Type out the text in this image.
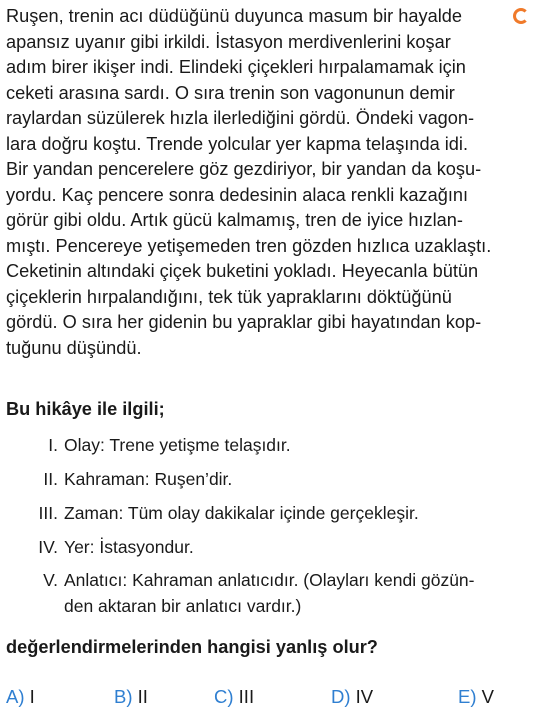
Ruşen, trenin acı düdüğünü duyunca masum bir hayalde
apansız uyanır gibi irkildi. İstasyon merdivenlerini koşar
adım birer ikişer indi. Elindeki çiçekleri hırpalamamak için
ceketi arasına sardı. O sıra trenin son vagonunun demir
raylardan süzülerek hızla ilerlediğini gördü. Öndeki vagon-
lara doğru koştu. Trende yolcular yer kapma telaşında idi.
Bir yandan pencerelere göz gezdiriyor, bir yandan da koşu-
yordu. Kaç pencere sonra dedesinin alaca renkli kazağını
görür gibi oldu. Artık gücü kalmamış, tren de iyice hızlan-
mıştı. Pencereye yetişemeden tren gözden hızlıca uzaklaştı.
Ceketinin altındaki çiçek buketini yokladı. Heyecanla bütün
çiçeklerin hırpalandığını, tek tük yapraklarını döktüğünü
gördü. O sıra her gidenin bu yapraklar gibi hayatından kop-
tuğunu düşündü.
Bu hikâye ile ilgili;
I. Olay: Trene yetişme telaşıdır.
II. Kahraman: Ruşen’dir.
III. Zaman: Tüm olay dakikalar içinde gerçekleşir.
IV. Yer: İstasyondur.
V. Anlatıcı: Kahraman anlatıcıdır. (Olayları kendi gözün-
den aktaran bir anlatıcı vardır.)
değerlendirmelerinden hangisi yanlış olur?
A) I	B) II	C) III	D) IV	E) V
